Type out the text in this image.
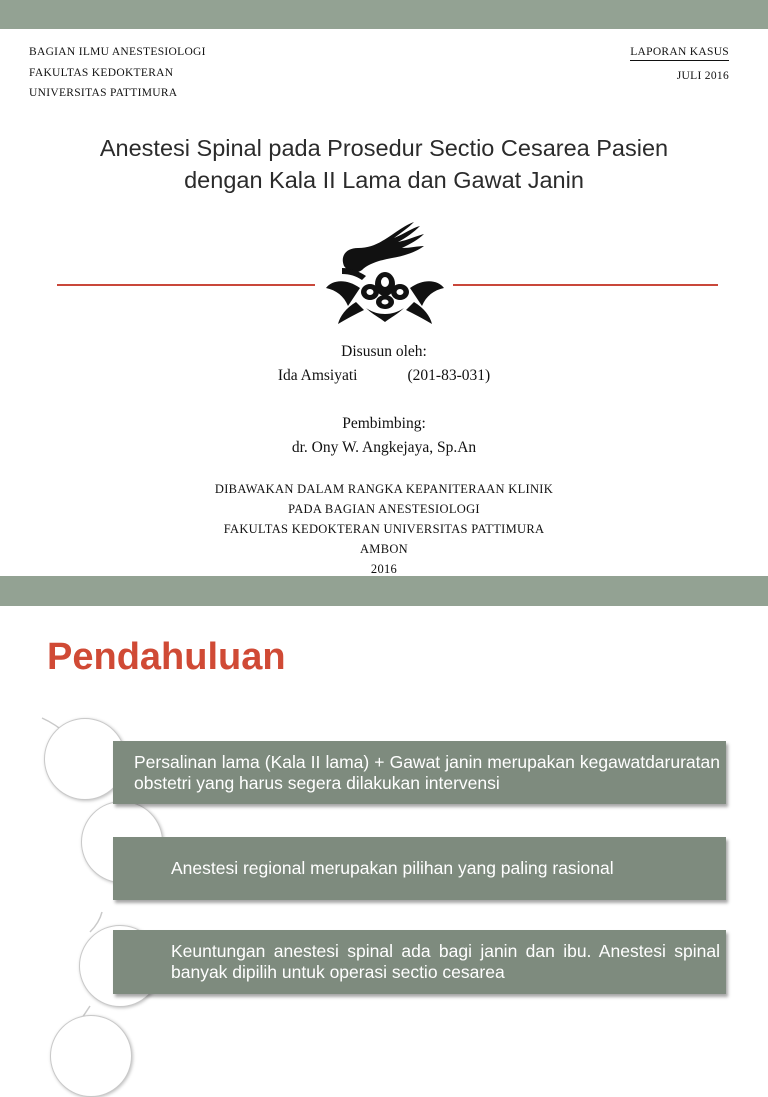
BAGIAN ILMU ANESTESIOLOGI
FAKULTAS KEDOKTERAN
UNIVERSITAS PATTIMURA
LAPORAN KASUS
JULI 2016
Anestesi Spinal pada Prosedur Sectio Cesarea Pasien
dengan Kala II Lama dan Gawat Janin
Disusun oleh:
Ida Amsiyati	(201-83-031)
Pembimbing:
dr. Ony W. Angkejaya, Sp.An
DIBAWAKAN DALAM RANGKA KEPANITERAAN KLINIK
PADA BAGIAN ANESTESIOLOGI
FAKULTAS KEDOKTERAN UNIVERSITAS PATTIMURA
AMBON
2016
Pendahuluan
Persalinan lama (Kala II lama) + Gawat janin merupakan kegawatdaruratan obstetri yang harus segera dilakukan intervensi
Anestesi regional merupakan pilihan yang paling rasional
Keuntungan anestesi spinal ada bagi janin dan ibu. Anestesi spinal banyak dipilih untuk operasi sectio cesarea
